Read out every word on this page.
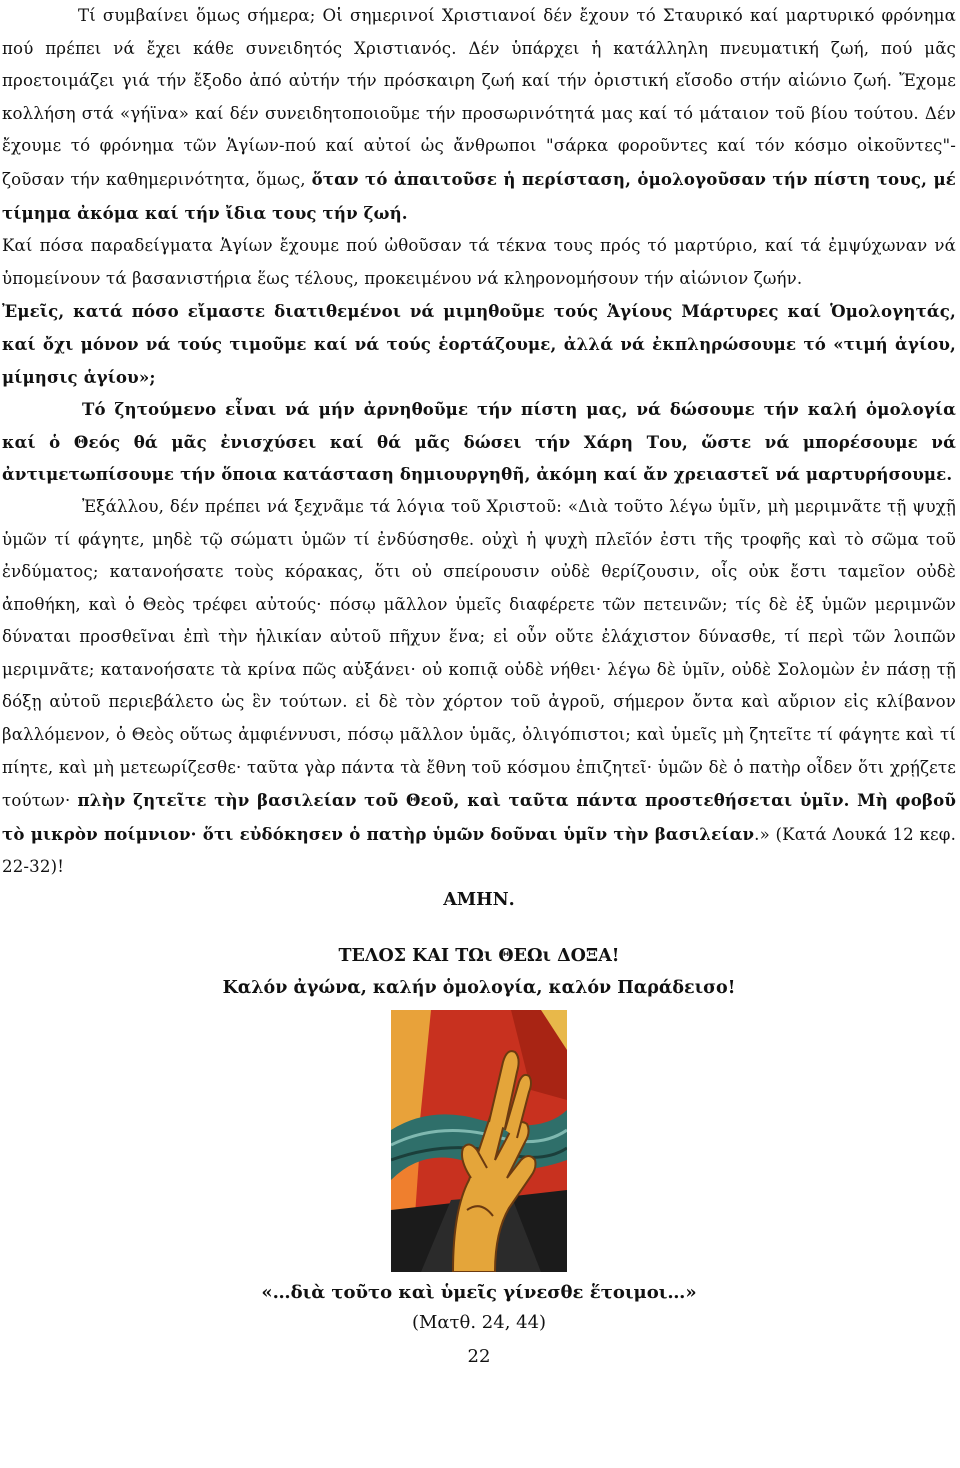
Τί συμβαίνει ὅμως σήμερα; Οἱ σημερινοί Χριστιανοί δέν ἔχουν τό Σταυρικό καί μαρτυρικό φρόνημα πού πρέπει νά ἔχει κάθε συνειδητός Χριστιανός. Δέν ὑπάρχει ἡ κατάλληλη πνευματική ζωή, πού μᾶς προετοιμάζει γιά τήν ἔξοδο ἀπό αὐτήν τήν πρόσκαιρη ζωή καί τήν ὁριστική εἴσοδο στήν αἰώνιο ζωή. Ἔχομε κολλήση στά «γήϊνα» καί δέν συνειδητοποιοῦμε τήν προσωρινότητά μας καί τό μάταιον τοῦ βίου τούτου. Δέν ἔχουμε τό φρόνημα τῶν Ἁγίων-πού καί αὐτοί ὡς ἄνθρωποι "σάρκα φοροῦντες καί τόν κόσμο οἰκοῦντες"-ζοῦσαν τήν καθημερινότητα, ὅμως, ὅταν τό ἀπαιτοῦσε ἡ περίσταση, ὁμολογοῦσαν τήν πίστη τους, μέ τίμημα ἀκόμα καί τήν ἴδια τους τήν ζωή.

Καί πόσα παραδείγματα Ἁγίων ἔχουμε πού ὠθοῦσαν τά τέκνα τους πρός τό μαρτύριο, καί τά ἐμψύχωναν νά ὑπομείνουν τά βασανιστήρια ἕως τέλους, προκειμένου νά κληρονομήσουν τήν αἰώνιον ζωήν.

Ἐμεῖς, κατά πόσο εἴμαστε διατιθεμένοι νά μιμηθοῦμε τούς Ἁγίους Μάρτυρες καί Ὁμολογητάς, καί ὄχι μόνον νά τούς τιμοῦμε καί νά τούς ἑορτάζουμε, ἀλλά νά ἐκπληρώσουμε τό «τιμή ἁγίου, μίμησις ἁγίου»;

Τό ζητούμενο εἶναι νά μήν ἀρνηθοῦμε τήν πίστη μας, νά δώσουμε τήν καλή ὁμολογία καί ὁ Θεός θά μᾶς ἐνισχύσει καί θά μᾶς δώσει τήν Χάρη Του, ὥστε νά μπορέσουμε νά ἀντιμετωπίσουμε τήν ὅποια κατάσταση δημιουργηθῆ, ἀκόμη καί ἄν χρειαστεῖ νά μαρτυρήσουμε.

Ἐξάλλου, δέν πρέπει νά ξεχνᾶμε τά λόγια τοῦ Χριστοῦ: «Διὰ τοῦτο λέγω ὑμῖν, μὴ μεριμνᾶτε τῇ ψυχῇ ὑμῶν τί φάγητε, μηδὲ τῷ σώματι ὑμῶν τί ἐνδύσησθε. οὐχὶ ἡ ψυχὴ πλεῖόν ἐστι τῆς τροφῆς καὶ τὸ σῶμα τοῦ ἐνδύματος; κατανοήσατε τοὺς κόρακας, ὅτι οὐ σπείρουσιν οὐδὲ θερίζουσιν, οἷς οὐκ ἔστι ταμεῖον οὐδὲ ἀποθήκη, καὶ ὁ Θεὸς τρέφει αὐτούς· πόσῳ μᾶλλον ὑμεῖς διαφέρετε τῶν πετεινῶν; τίς δὲ ἐξ ὑμῶν μεριμνῶν δύναται προσθεῖναι ἐπὶ τὴν ἡλικίαν αὐτοῦ πῆχυν ἕνα; εἰ οὖν οὔτε ἐλάχιστον δύνασθε, τί περὶ τῶν λοιπῶν μεριμνᾶτε; κατανοήσατε τὰ κρίνα πῶς αὐξάνει· οὐ κοπιᾷ οὐδὲ νήθει· λέγω δὲ ὑμῖν, οὐδὲ Σολομὼν ἐν πάσῃ τῇ δόξῃ αὐτοῦ περιεβάλετο ὡς ἓν τούτων. εἰ δὲ τὸν χόρτον τοῦ ἀγροῦ, σήμερον ὄντα καὶ αὔριον εἰς κλίβανον βαλλόμενον, ὁ Θεὸς οὕτως ἀμφιέννυσι, πόσῳ μᾶλλον ὑμᾶς, ὀλιγόπιστοι; καὶ ὑμεῖς μὴ ζητεῖτε τί φάγητε καὶ τί πίητε, καὶ μὴ μετεωρίζεσθε· ταῦτα γὰρ πάντα τὰ ἔθνη τοῦ κόσμου ἐπιζητεῖ· ὑμῶν δὲ ὁ πατὴρ οἶδεν ὅτι χρῄζετε τούτων· πλὴν ζητεῖτε τὴν βασιλείαν τοῦ Θεοῦ, καὶ ταῦτα πάντα προστεθήσεται ὑμῖν. Μὴ φοβοῦ τὸ μικρὸν ποίμνιον· ὅτι εὐδόκησεν ὁ πατὴρ ὑμῶν δοῦναι ὑμῖν τὴν βασιλείαν.» (Κατά Λουκά 12 κεφ. 22-32)!

ΑΜΗΝ.

ΤΕΛΟΣ ΚΑΙ ΤΩι ΘΕΩι ΔΟΞΑ!

Καλόν ἀγώνα, καλήν ὁμολογία, καλόν Παράδεισο!

«…διὰ τοῦτο καὶ ὑμεῖς γίνεσθε ἕτοιμοι…»
(Ματθ. 24, 44)
22
